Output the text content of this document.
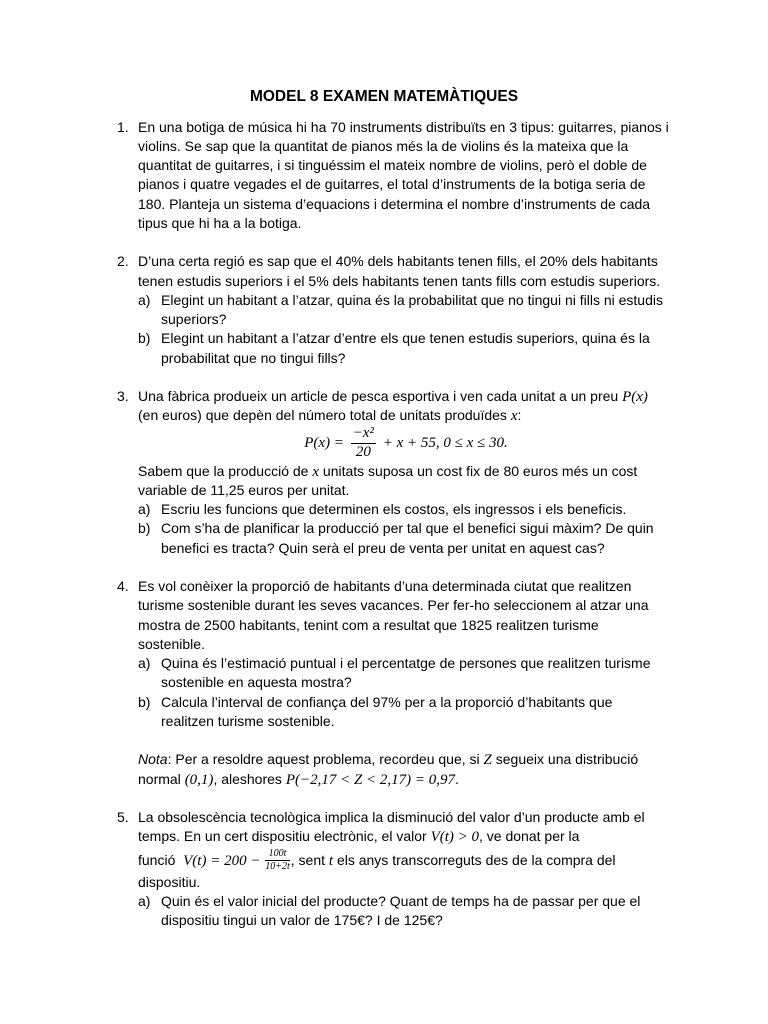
MODEL 8 EXAMEN MATEMÀTIQUES
1. En una botiga de música hi ha 70 instruments distribuïts en 3 tipus: guitarres, pianos i
violins. Se sap que la quantitat de pianos més la de violins és la mateixa que la
quantitat de guitarres, i si tinguéssim el mateix nombre de violins, però el doble de
pianos i quatre vegades el de guitarres, el total d’instruments de la botiga seria de
180. Planteja un sistema d’equacions i determina el nombre d’instruments de cada
tipus que hi ha a la botiga.
2. D’una certa regió es sap que el 40% dels habitants tenen fills, el 20% dels habitants
tenen estudis superiors i el 5% dels habitants tenen tants fills com estudis superiors.
a) Elegint un habitant a l’atzar, quina és la probabilitat que no tingui ni fills ni estudis
superiors?
b) Elegint un habitant a l’atzar d’entre els que tenen estudis superiors, quina és la
probabilitat que no tingui fills?
3. Una fàbrica produeix un article de pesca esportiva i ven cada unitat a un preu P(x)
(en euros) que depèn del número total de unitats produïdes x:
$P(x) = \frac{\text{−x²}}{20} + x + 55$, 0 ≤ x ≤ 30.
Sabem que la producció de x unitats suposa un cost fix de 80 euros més un cost
variable de 11,25 euros per unitat.
a) Escriu les funcions que determinen els costos, els ingressos i els beneficis.
b) Com s’ha de planificar la producció per tal que el benefici sigui màxim? De quin
benefici es tracta? Quin serà el preu de venta per unitat en aquest cas?
4. Es vol conèixer la proporció de habitants d’una determinada ciutat que realitzen
turisme sostenible durant les seves vacances. Per fer-ho seleccionem al atzar una
mostra de 2500 habitants, tenint com a resultat que 1825 realitzen turisme
sostenible.
a) Quina és l’estimació puntual i el percentatge de persones que realitzen turisme
sostenible en aquesta mostra?
b) Calcula l’interval de confiança del 97% per a la proporció d’habitants que
realitzen turisme sostenible.
Nota: Per a resoldre aquest problema, recordeu que, si Z segueix una distribució
normal (0,1), aleshores P(−2,17 < Z < 2,17) = 0,97.
5. La obsolescència tecnològica implica la disminució del valor d’un producte amb el
temps. En un cert dispositiu electrònic, el valor V(t) > 0, ve donat per la
funció  $V(t) = 200 - \frac{100t}{10+2t}$ , sent t els anys transcorreguts des de la compra del
dispositiu.
a) Quin és el valor inicial del producte? Quant de temps ha de passar per que el
dispositiu tingui un valor de 175€? I de 125€?
